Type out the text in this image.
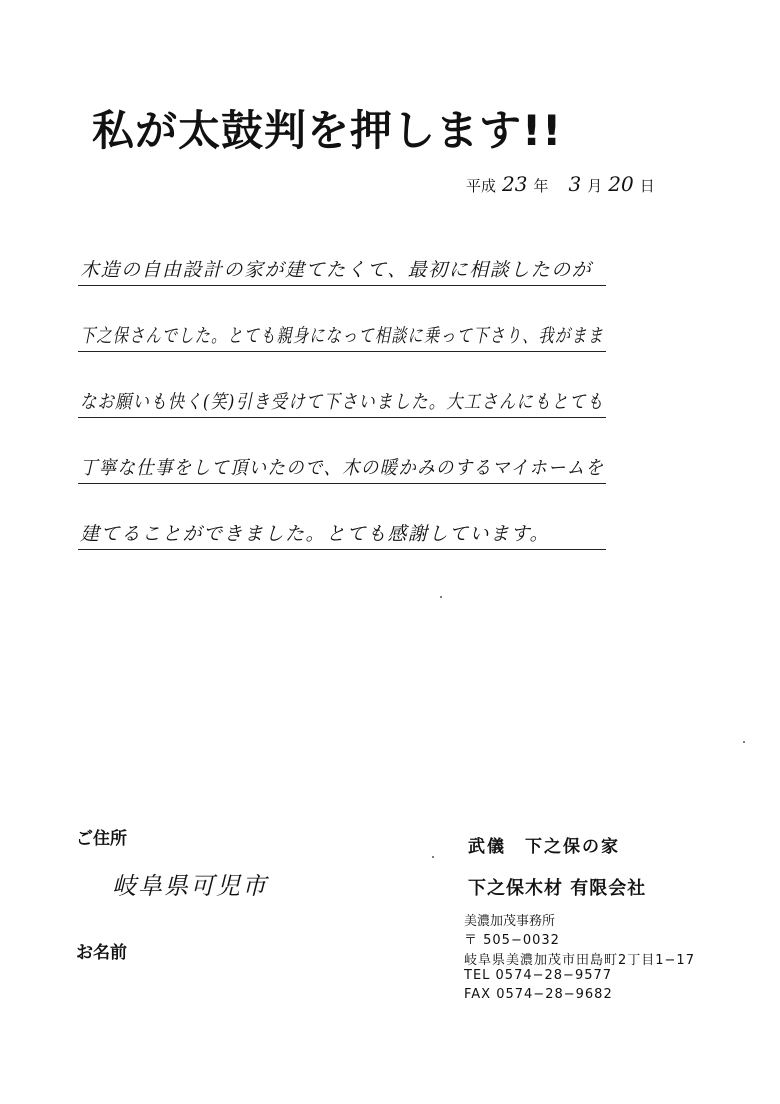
私が太鼓判を押します!!
平成 23 年 3 月 20 日
木造の自由設計の家が建てたくて、最初に相談したのが
下之保さんでした。とても親身になって相談に乗って下さり、我がまま
なお願いも快く(笑)引き受けて下さいました。大工さんにもとても
丁寧な仕事をして頂いたので、木の暖かみのするマイホームを
建てることができました。とても感謝しています。
ご住所
岐阜県可児市
お名前
武儀　下之保の家
下之保木材 有限会社
美濃加茂事務所
〒 505−0032
岐阜県美濃加茂市田島町2丁目1−17
TEL 0574−28−9577
FAX 0574−28−9682
